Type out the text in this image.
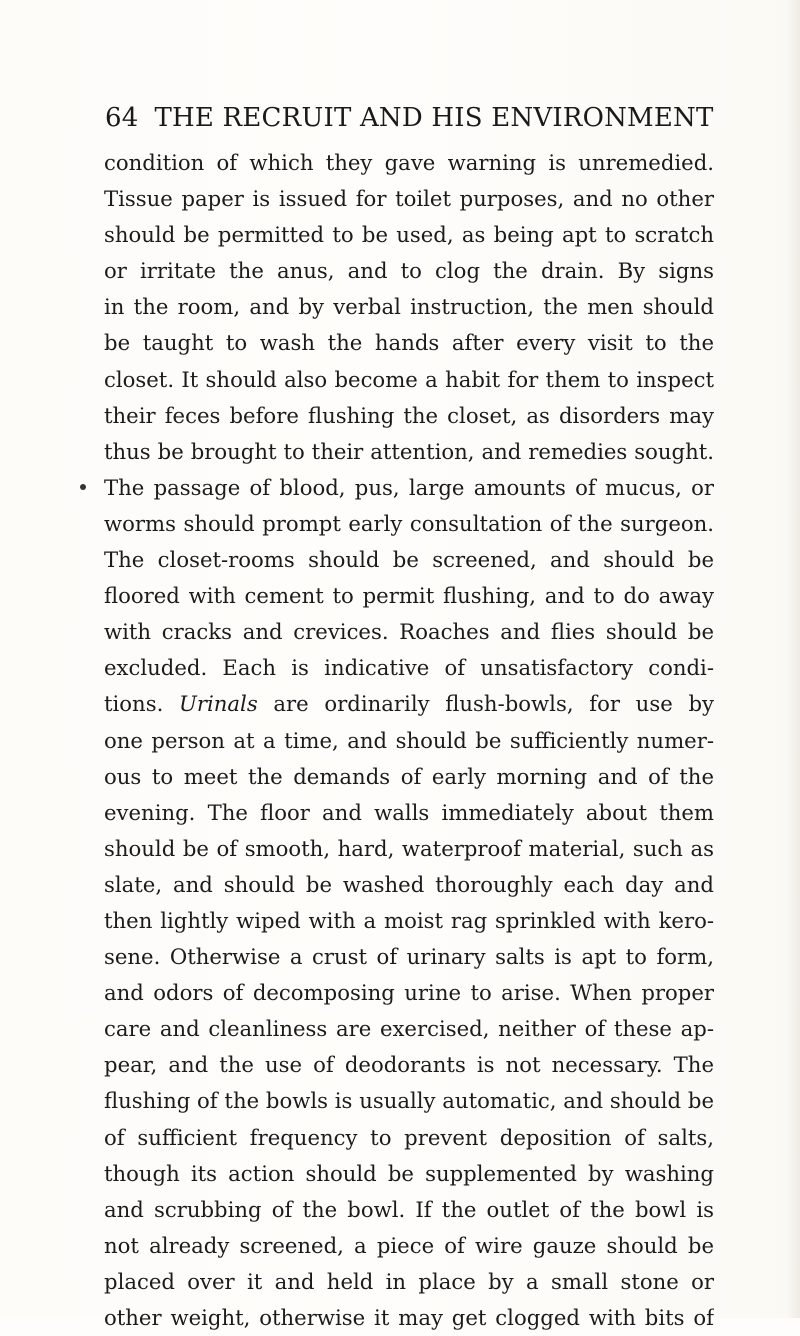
64 THE RECRUIT AND HIS ENVIRONMENT
condition of which they gave warning is unremedied.
Tissue paper is issued for toilet purposes, and no other
should be permitted to be used, as being apt to scratch
or irritate the anus, and to clog the drain. By signs
in the room, and by verbal instruction, the men should
be taught to wash the hands after every visit to the
closet. It should also become a habit for them to inspect
their feces before flushing the closet, as disorders may
thus be brought to their attention, and remedies sought.
The passage of blood, pus, large amounts of mucus, or
worms should prompt early consultation of the surgeon.
The closet-rooms should be screened, and should be
floored with cement to permit flushing, and to do away
with cracks and crevices. Roaches and flies should be
excluded. Each is indicative of unsatisfactory condi-
tions. Urinals are ordinarily flush-bowls, for use by
one person at a time, and should be sufficiently numer-
ous to meet the demands of early morning and of the
evening. The floor and walls immediately about them
should be of smooth, hard, waterproof material, such as
slate, and should be washed thoroughly each day and
then lightly wiped with a moist rag sprinkled with kero-
sene. Otherwise a crust of urinary salts is apt to form,
and odors of decomposing urine to arise. When proper
care and cleanliness are exercised, neither of these ap-
pear, and the use of deodorants is not necessary. The
flushing of the bowls is usually automatic, and should be
of sufficient frequency to prevent deposition of salts,
though its action should be supplemented by washing
and scrubbing of the bowl. If the outlet of the bowl is
not already screened, a piece of wire gauze should be
placed over it and held in place by a small stone or
other weight, otherwise it may get clogged with bits of
